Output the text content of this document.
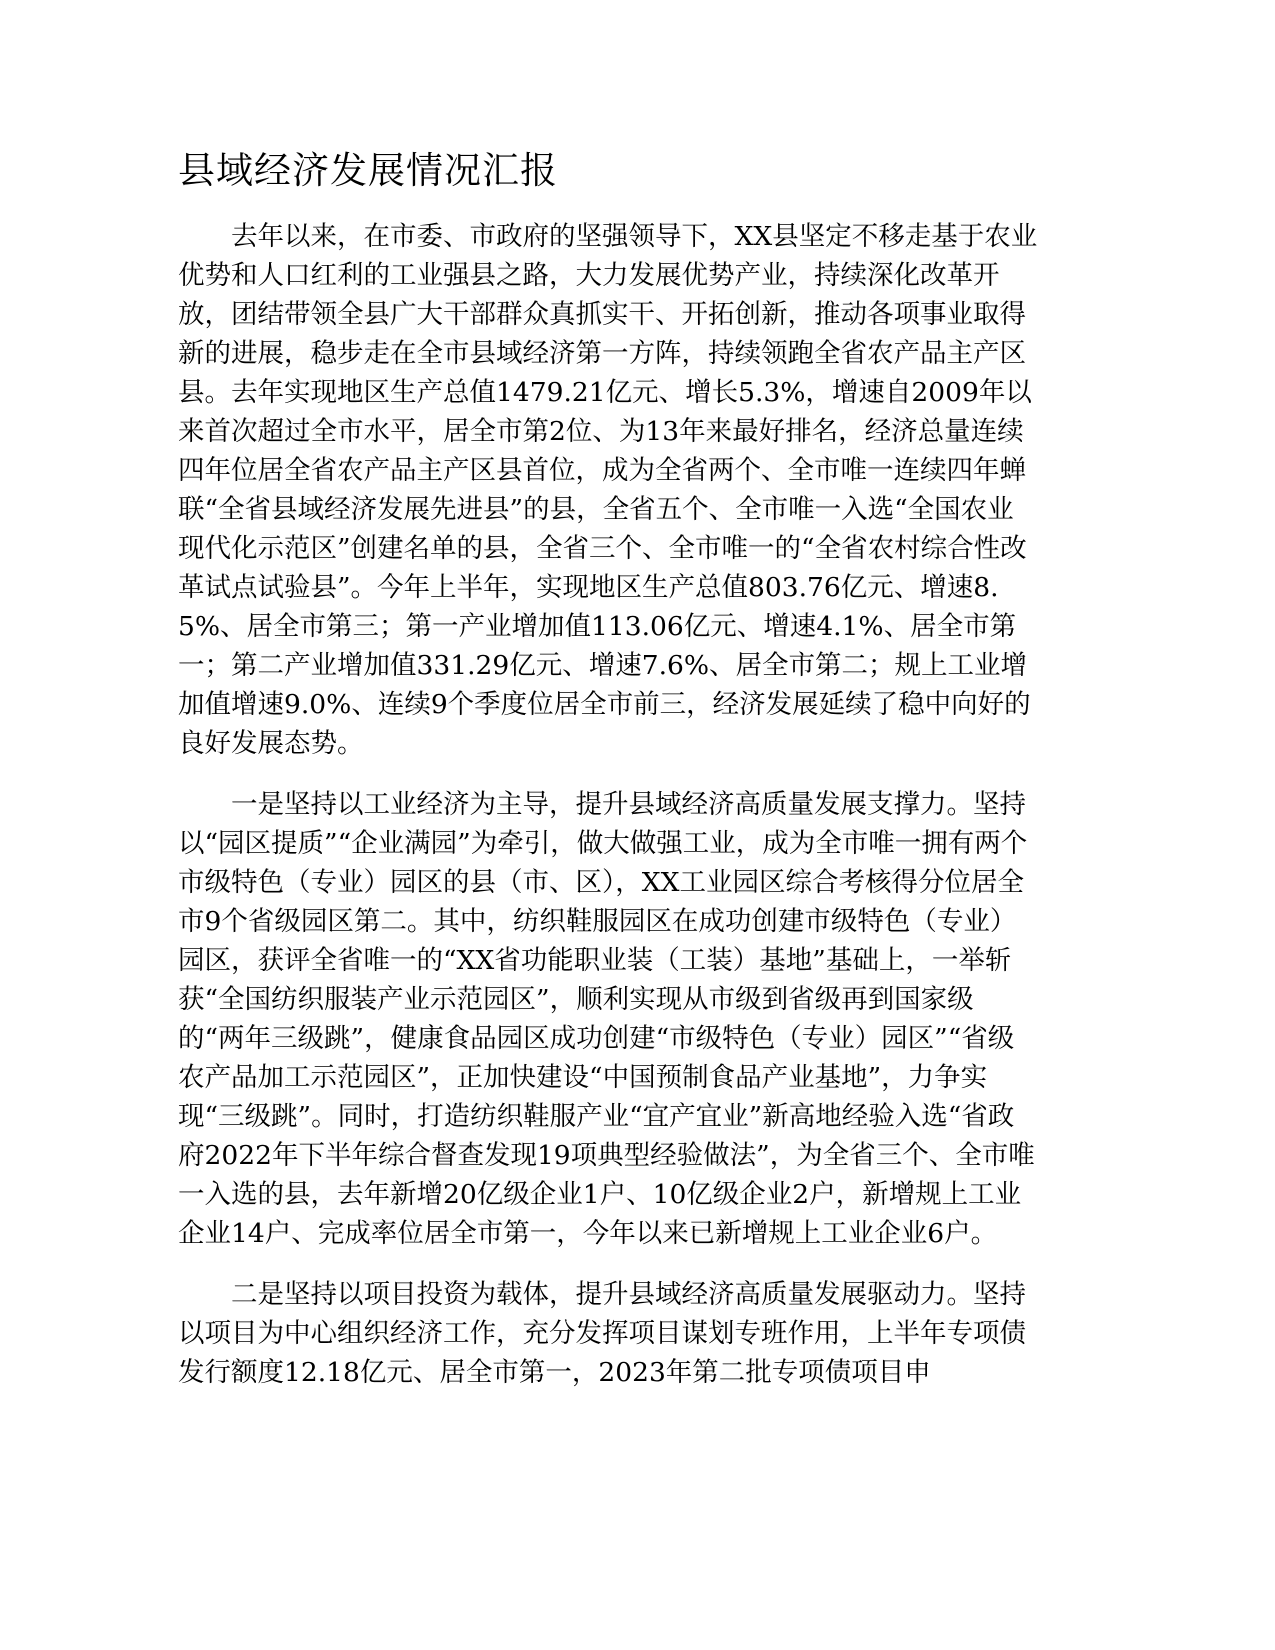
县域经济发展情况汇报

去年以来，在市委、市政府的坚强领导下，XX县坚定不移走基于农业优势和人口红利的工业强县之路，大力发展优势产业，持续深化改革开放，团结带领全县广大干部群众真抓实干、开拓创新，推动各项事业取得新的进展，稳步走在全市县域经济第一方阵，持续领跑全省农产品主产区县。去年实现地区生产总值1479.21亿元、增长5.3%，增速自2009年以来首次超过全市水平，居全市第2位、为13年来最好排名，经济总量连续四年位居全省农产品主产区县首位，成为全省两个、全市唯一连续四年蝉联“全省县域经济发展先进县”的县，全省五个、全市唯一入选“全国农业现代化示范区”创建名单的县，全省三个、全市唯一的“全省农村综合性改革试点试验县”。今年上半年，实现地区生产总值803.76亿元、增速8.5%、居全市第三；第一产业增加值113.06亿元、增速4.1%、居全市第一；第二产业增加值331.29亿元、增速7.6%、居全市第二；规上工业增加值增速9.0%、连续9个季度位居全市前三，经济发展延续了稳中向好的良好发展态势。

一是坚持以工业经济为主导，提升县域经济高质量发展支撑力。坚持以“园区提质”“企业满园”为牵引，做大做强工业，成为全市唯一拥有两个市级特色（专业）园区的县（市、区），XX工业园区综合考核得分位居全市9个省级园区第二。其中，纺织鞋服园区在成功创建市级特色（专业）园区，获评全省唯一的“XX省功能职业装（工装）基地”基础上，一举斩获“全国纺织服装产业示范园区”，顺利实现从市级到省级再到国家级的“两年三级跳”，健康食品园区成功创建“市级特色（专业）园区”“省级农产品加工示范园区”，正加快建设“中国预制食品产业基地”，力争实现“三级跳”。同时，打造纺织鞋服产业“宜产宜业”新高地经验入选“省政府2022年下半年综合督查发现19项典型经验做法”，为全省三个、全市唯一入选的县，去年新增20亿级企业1户、10亿级企业2户，新增规上工业企业14户、完成率位居全市第一，今年以来已新增规上工业企业6户。

二是坚持以项目投资为载体，提升县域经济高质量发展驱动力。坚持以项目为中心组织经济工作，充分发挥项目谋划专班作用，上半年专项债发行额度12.18亿元、居全市第一，2023年第二批专项债项目申
